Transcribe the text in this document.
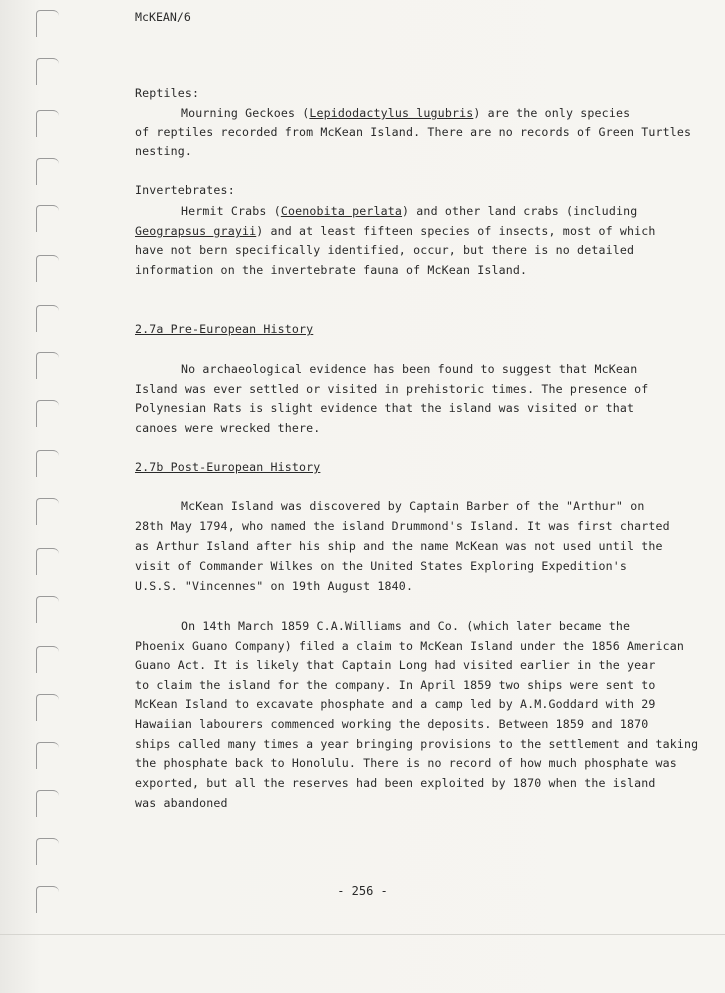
McKEAN/6
Reptiles:
Mourning Geckoes (Lepidodactylus lugubris) are the only species
of reptiles recorded from McKean Island. There are no records of Green Turtles
nesting.
Invertebrates:
Hermit Crabs (Coenobita perlata) and other land crabs (including
Geograpsus grayii) and at least fifteen species of insects, most of which
have not bern specifically identified, occur, but there is no detailed
information on the invertebrate fauna of McKean Island.
2.7a Pre-European History
No archaeological evidence has been found to suggest that McKean
Island was ever settled or visited in prehistoric times. The presence of
Polynesian Rats is slight evidence that the island was visited or that
canoes were wrecked there.
2.7b Post-European History
McKean Island was discovered by Captain Barber of the "Arthur" on
28th May 1794, who named the island Drummond's Island. It was first charted
as Arthur Island after his ship and the name McKean was not used until the
visit of Commander Wilkes on the United States Exploring Expedition's
U.S.S. "Vincennes" on 19th August 1840.
On 14th March 1859 C.A.Williams and Co. (which later became the
Phoenix Guano Company) filed a claim to McKean Island under the 1856 American
Guano Act. It is likely that Captain Long had visited earlier in the year
to claim the island for the company. In April 1859 two ships were sent to
McKean Island to excavate phosphate and a camp led by A.M.Goddard with 29
Hawaiian labourers commenced working the deposits. Between 1859 and 1870
ships called many times a year bringing provisions to the settlement and taking
the phosphate back to Honolulu. There is no record of how much phosphate was
exported, but all the reserves had been exploited by 1870 when the island
was abandoned
- 256 -
